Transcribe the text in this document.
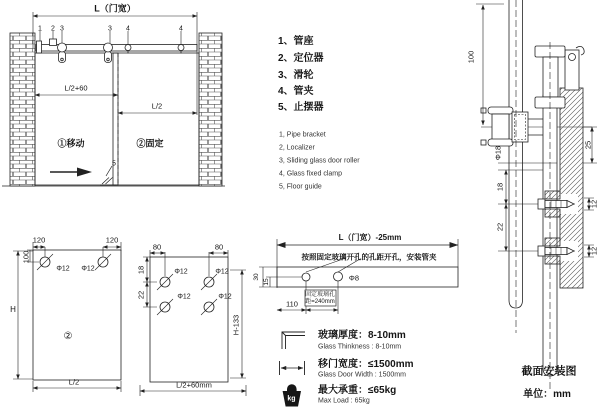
L（门宽）
1 2 3	3 4	4
L/2+60
L/2
①移动	②固定
5
1、管座
2、定位器
3、滑轮
4、管夹
5、止摆器
1, Pipe bracket
2, Localizer
3, Sliding glass door roller
4, Glass fixed clamp
5, Floor guide
100
Φ18
25
18
22
12
12
截面安装图
单位：mm
120	120
100
H
Φ12 Φ12
②
L/2
80	80
18
22
Φ12	Φ12
Φ12	Φ12
H-133
L/2+60mm
L（门宽）-25mm
按照固定玻璃开孔的孔距开孔，安装管夹
30
15	Φ8
110
固定玻璃孔
距=240mm
玻璃厚度：8-10mm
Glass Thinkness : 8-10mm
移门宽度：≤1500mm
Glass Door Width : 1500mm
最大承重：≤65kg
Max Load : 65kg
kg
